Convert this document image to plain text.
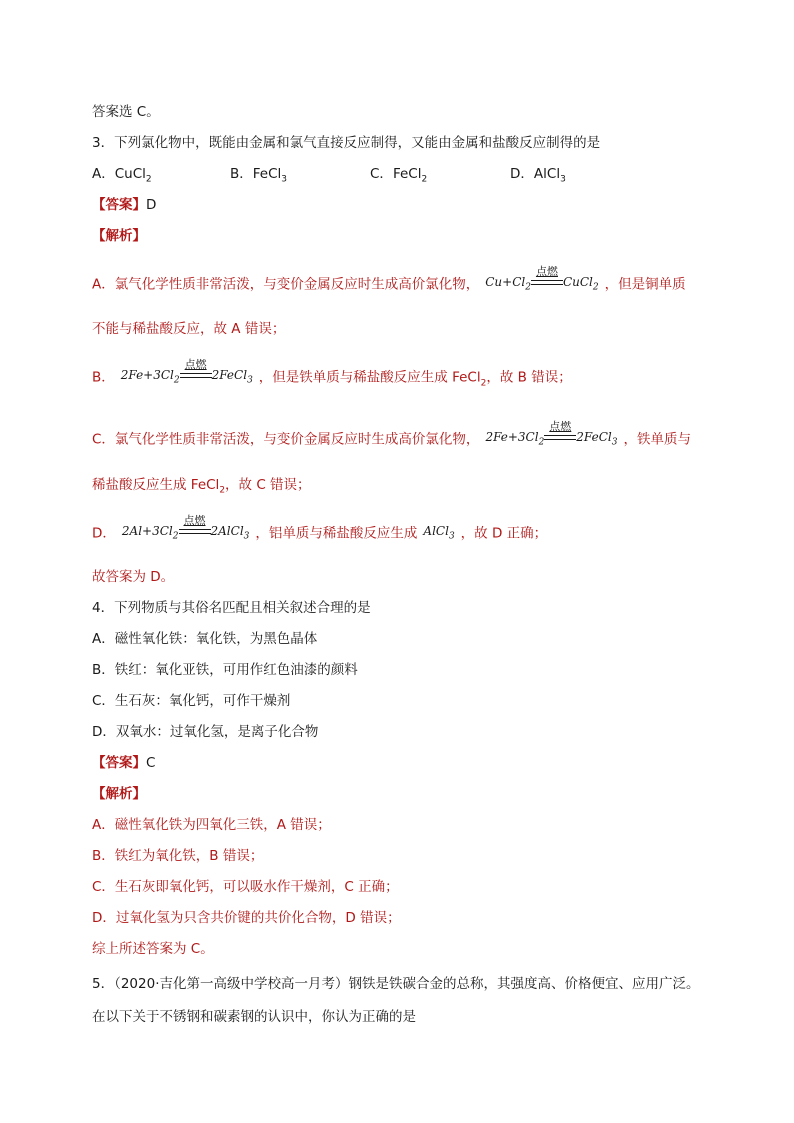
答案选 C。
3．下列氯化物中，既能由金属和氯气直接反应制得，又能由金属和盐酸反应制得的是
A．CuCl$_2$	B．FeCl$_3$	C．FeCl$_2$	D．AlCl$_3$
【答案】D
【解析】
A．氯气化学性质非常活泼，与变价金属反应时生成高价氯化物， $Cu+Cl_2$
点燃
CuCl$_2$ ，但是铜单质
不能与稀盐酸反应，故 A 错误；
B． $2Fe+3Cl_2$
点燃
2FeCl$_3$ ，但是铁单质与稀盐酸反应生成 FeCl$_2$，故 B 错误；
C．氯气化学性质非常活泼，与变价金属反应时生成高价氯化物， $2Fe+3Cl_2$
点燃
2FeCl$_3$ ，铁单质与
稀盐酸反应生成 FeCl$_2$，故 C 错误；
D． $2Al+3Cl_2$
点燃
2AlCl$_3$ ，铝单质与稀盐酸反应生成 AlCl$_3$ ，故 D 正确；
故答案为 D。
4．下列物质与其俗名匹配且相关叙述合理的是
A．磁性氧化铁：氧化铁，为黑色晶体
B．铁红：氧化亚铁，可用作红色油漆的颜料
C．生石灰：氧化钙，可作干燥剂
D．双氧水：过氧化氢，是离子化合物
【答案】C
【解析】
A．磁性氧化铁为四氧化三铁，A 错误；
B．铁红为氧化铁，B 错误；
C．生石灰即氧化钙，可以吸水作干燥剂，C 正确；
D．过氧化氢为只含共价键的共价化合物，D 错误；
综上所述答案为 C。
5．（2020·吉化第一高级中学校高一月考）钢铁是铁碳合金的总称，其强度高、价格便宜、应用广泛。
在以下关于不锈钢和碳素钢的认识中，你认为正确的是
